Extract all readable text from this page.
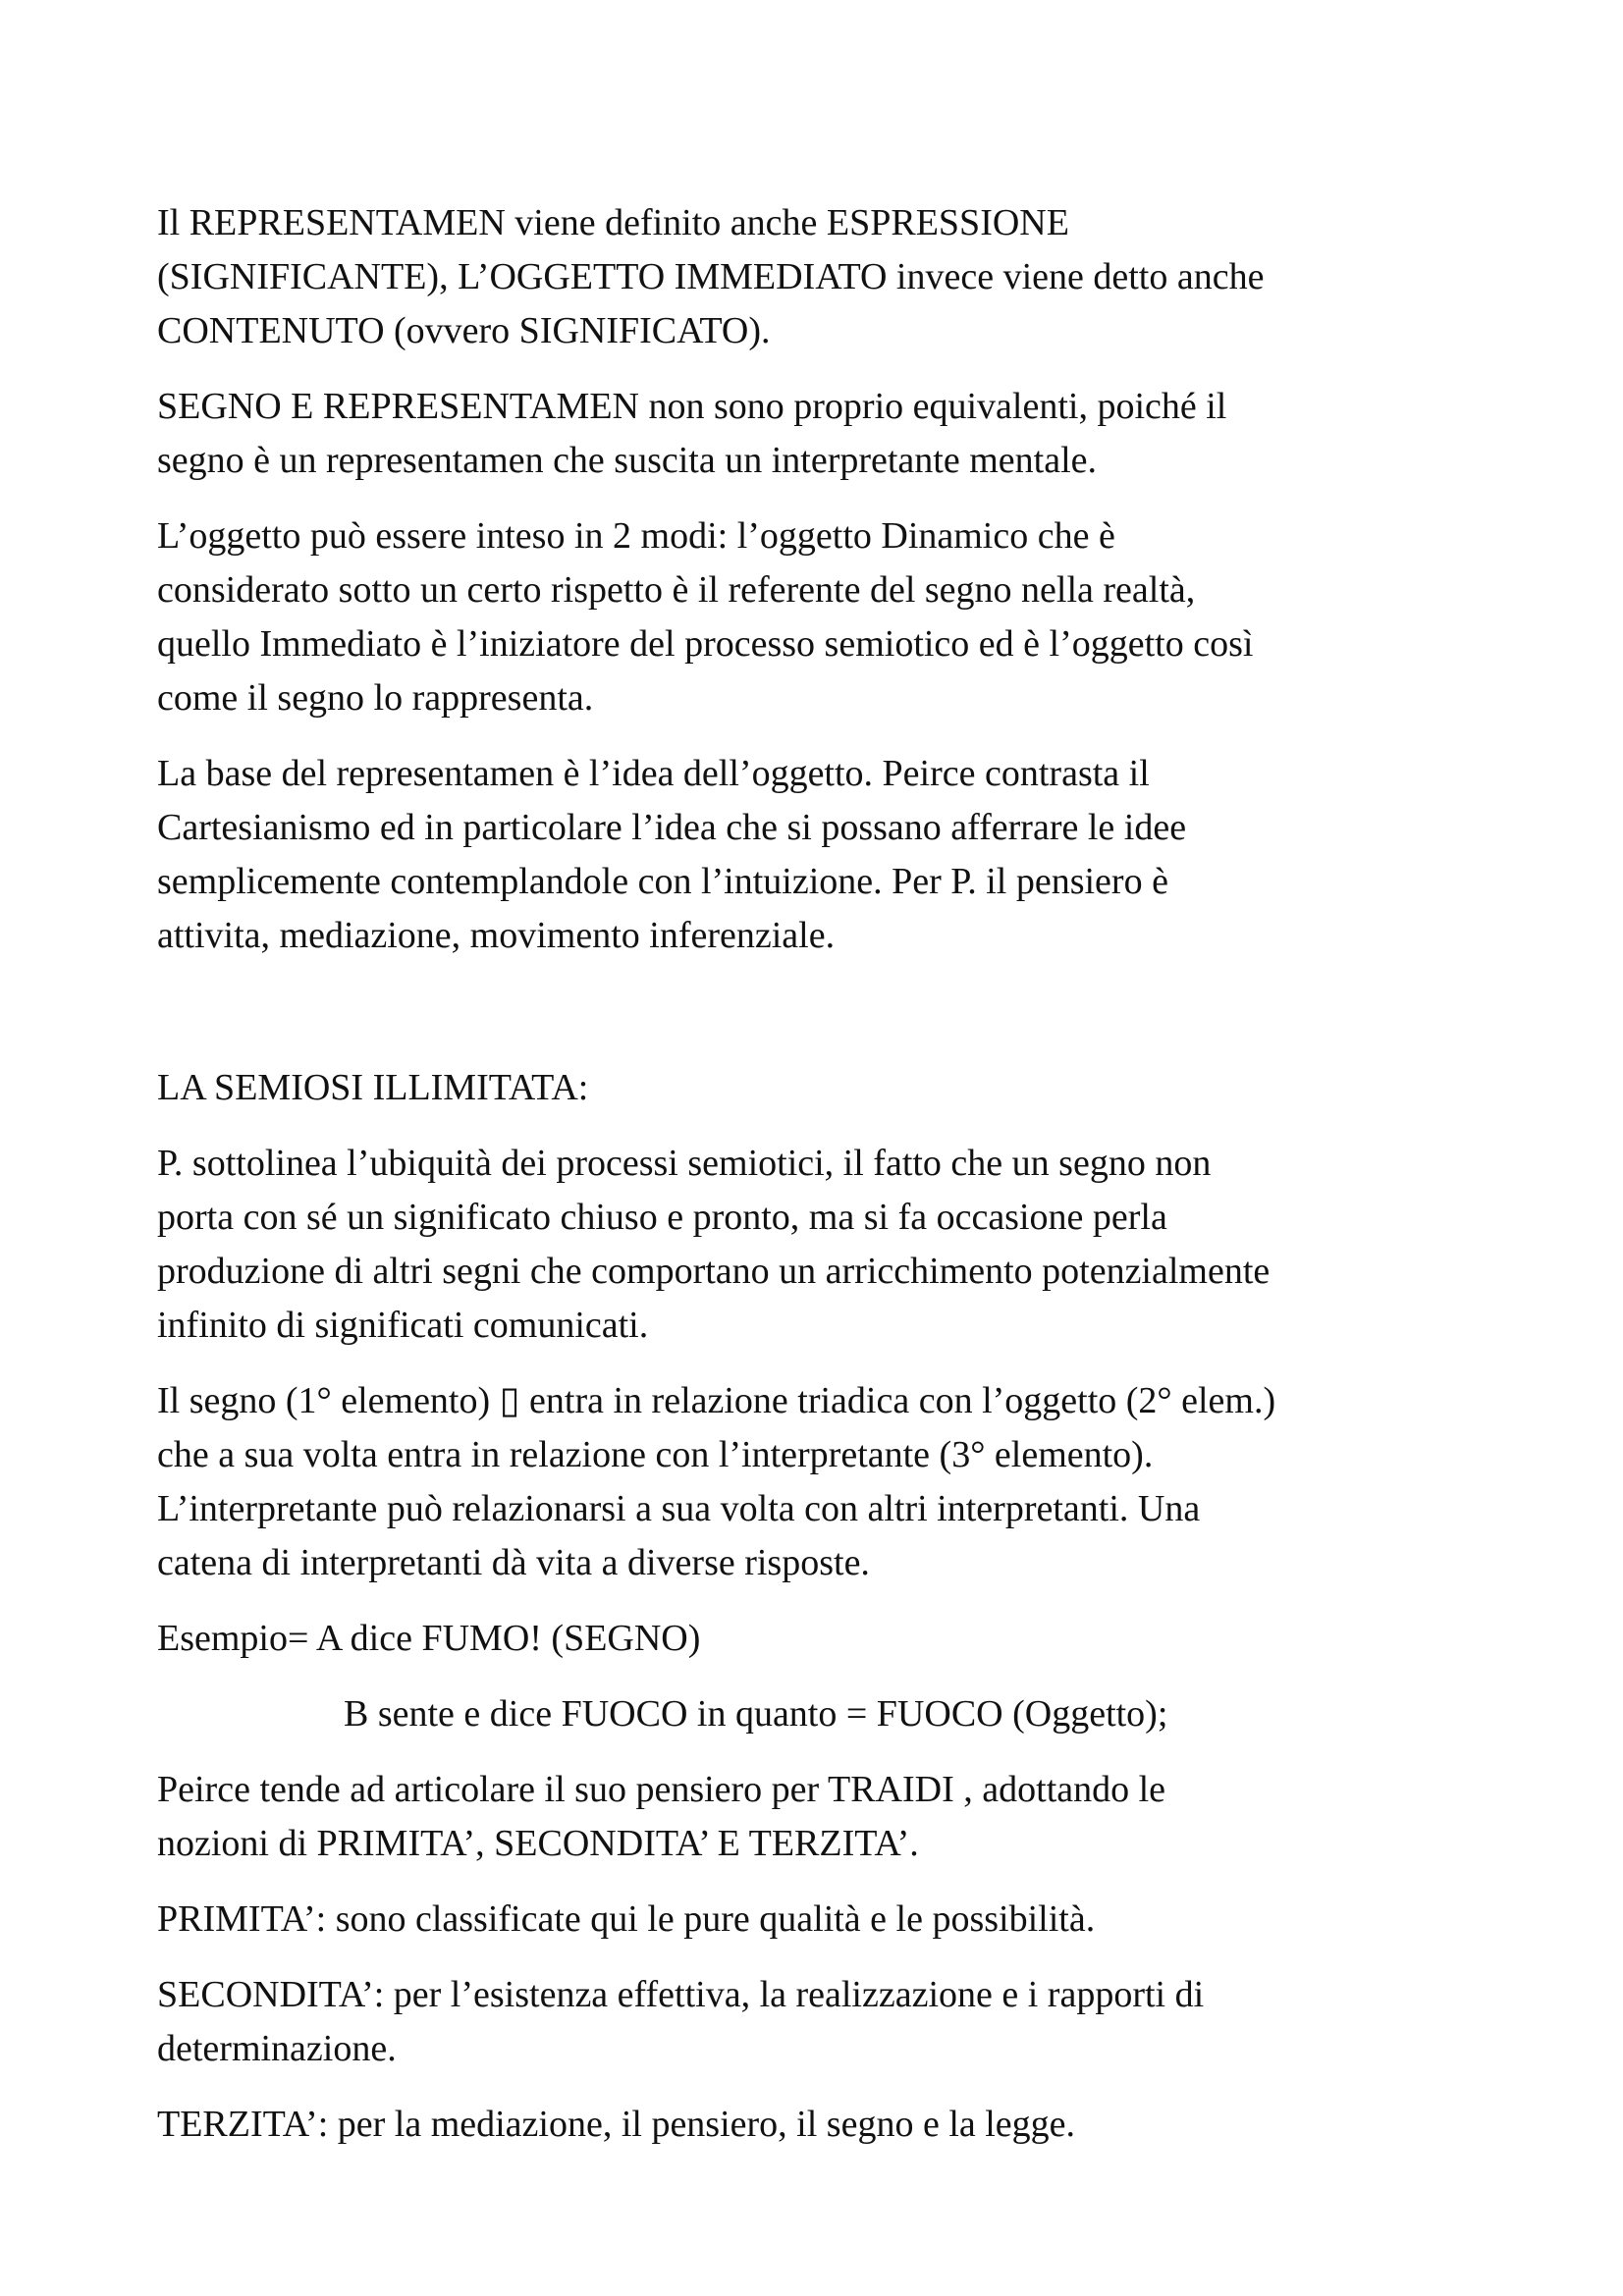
Il REPRESENTAMEN viene definito anche ESPRESSIONE
(SIGNIFICANTE), L’OGGETTO IMMEDIATO invece viene detto anche
CONTENUTO (ovvero SIGNIFICATO).

SEGNO E REPRESENTAMEN non sono proprio equivalenti, poiché il
segno è un representamen che suscita un interpretante mentale.

L’oggetto può essere inteso in 2 modi: l’oggetto Dinamico che è
considerato sotto un certo rispetto è il referente del segno nella realtà,
quello Immediato è l’iniziatore del processo semiotico ed è l’oggetto così
come il segno lo rappresenta.

La base del representamen è l’idea dell’oggetto. Peirce contrasta il
Cartesianismo ed in particolare l’idea che si possano afferrare le idee
semplicemente contemplandole con l’intuizione. Per P. il pensiero è
attivita, mediazione, movimento inferenziale.

LA SEMIOSI ILLIMITATA:

P. sottolinea l’ubiquità dei processi semiotici, il fatto che un segno non
porta con sé un significato chiuso e pronto, ma si fa occasione perla
produzione di altri segni che comportano un arricchimento potenzialmente
infinito di significati comunicati.

Il segno (1° elemento) ▯ entra in relazione triadica con l’oggetto (2° elem.)
che a sua volta entra in relazione con l’interpretante (3° elemento).
L’interpretante può relazionarsi a sua volta con altri interpretanti. Una
catena di interpretanti dà vita a diverse risposte.

Esempio= A dice FUMO! (SEGNO)

B sente e dice FUOCO in quanto = FUOCO (Oggetto);

Peirce tende ad articolare il suo pensiero per TRAIDI , adottando le
nozioni di PRIMITA’, SECONDITA’ E TERZITA’.

PRIMITA’: sono classificate qui le pure qualità e le possibilità.

SECONDITA’: per l’esistenza effettiva, la realizzazione e i rapporti di
determinazione.

TERZITA’: per la mediazione, il pensiero, il segno e la legge.
